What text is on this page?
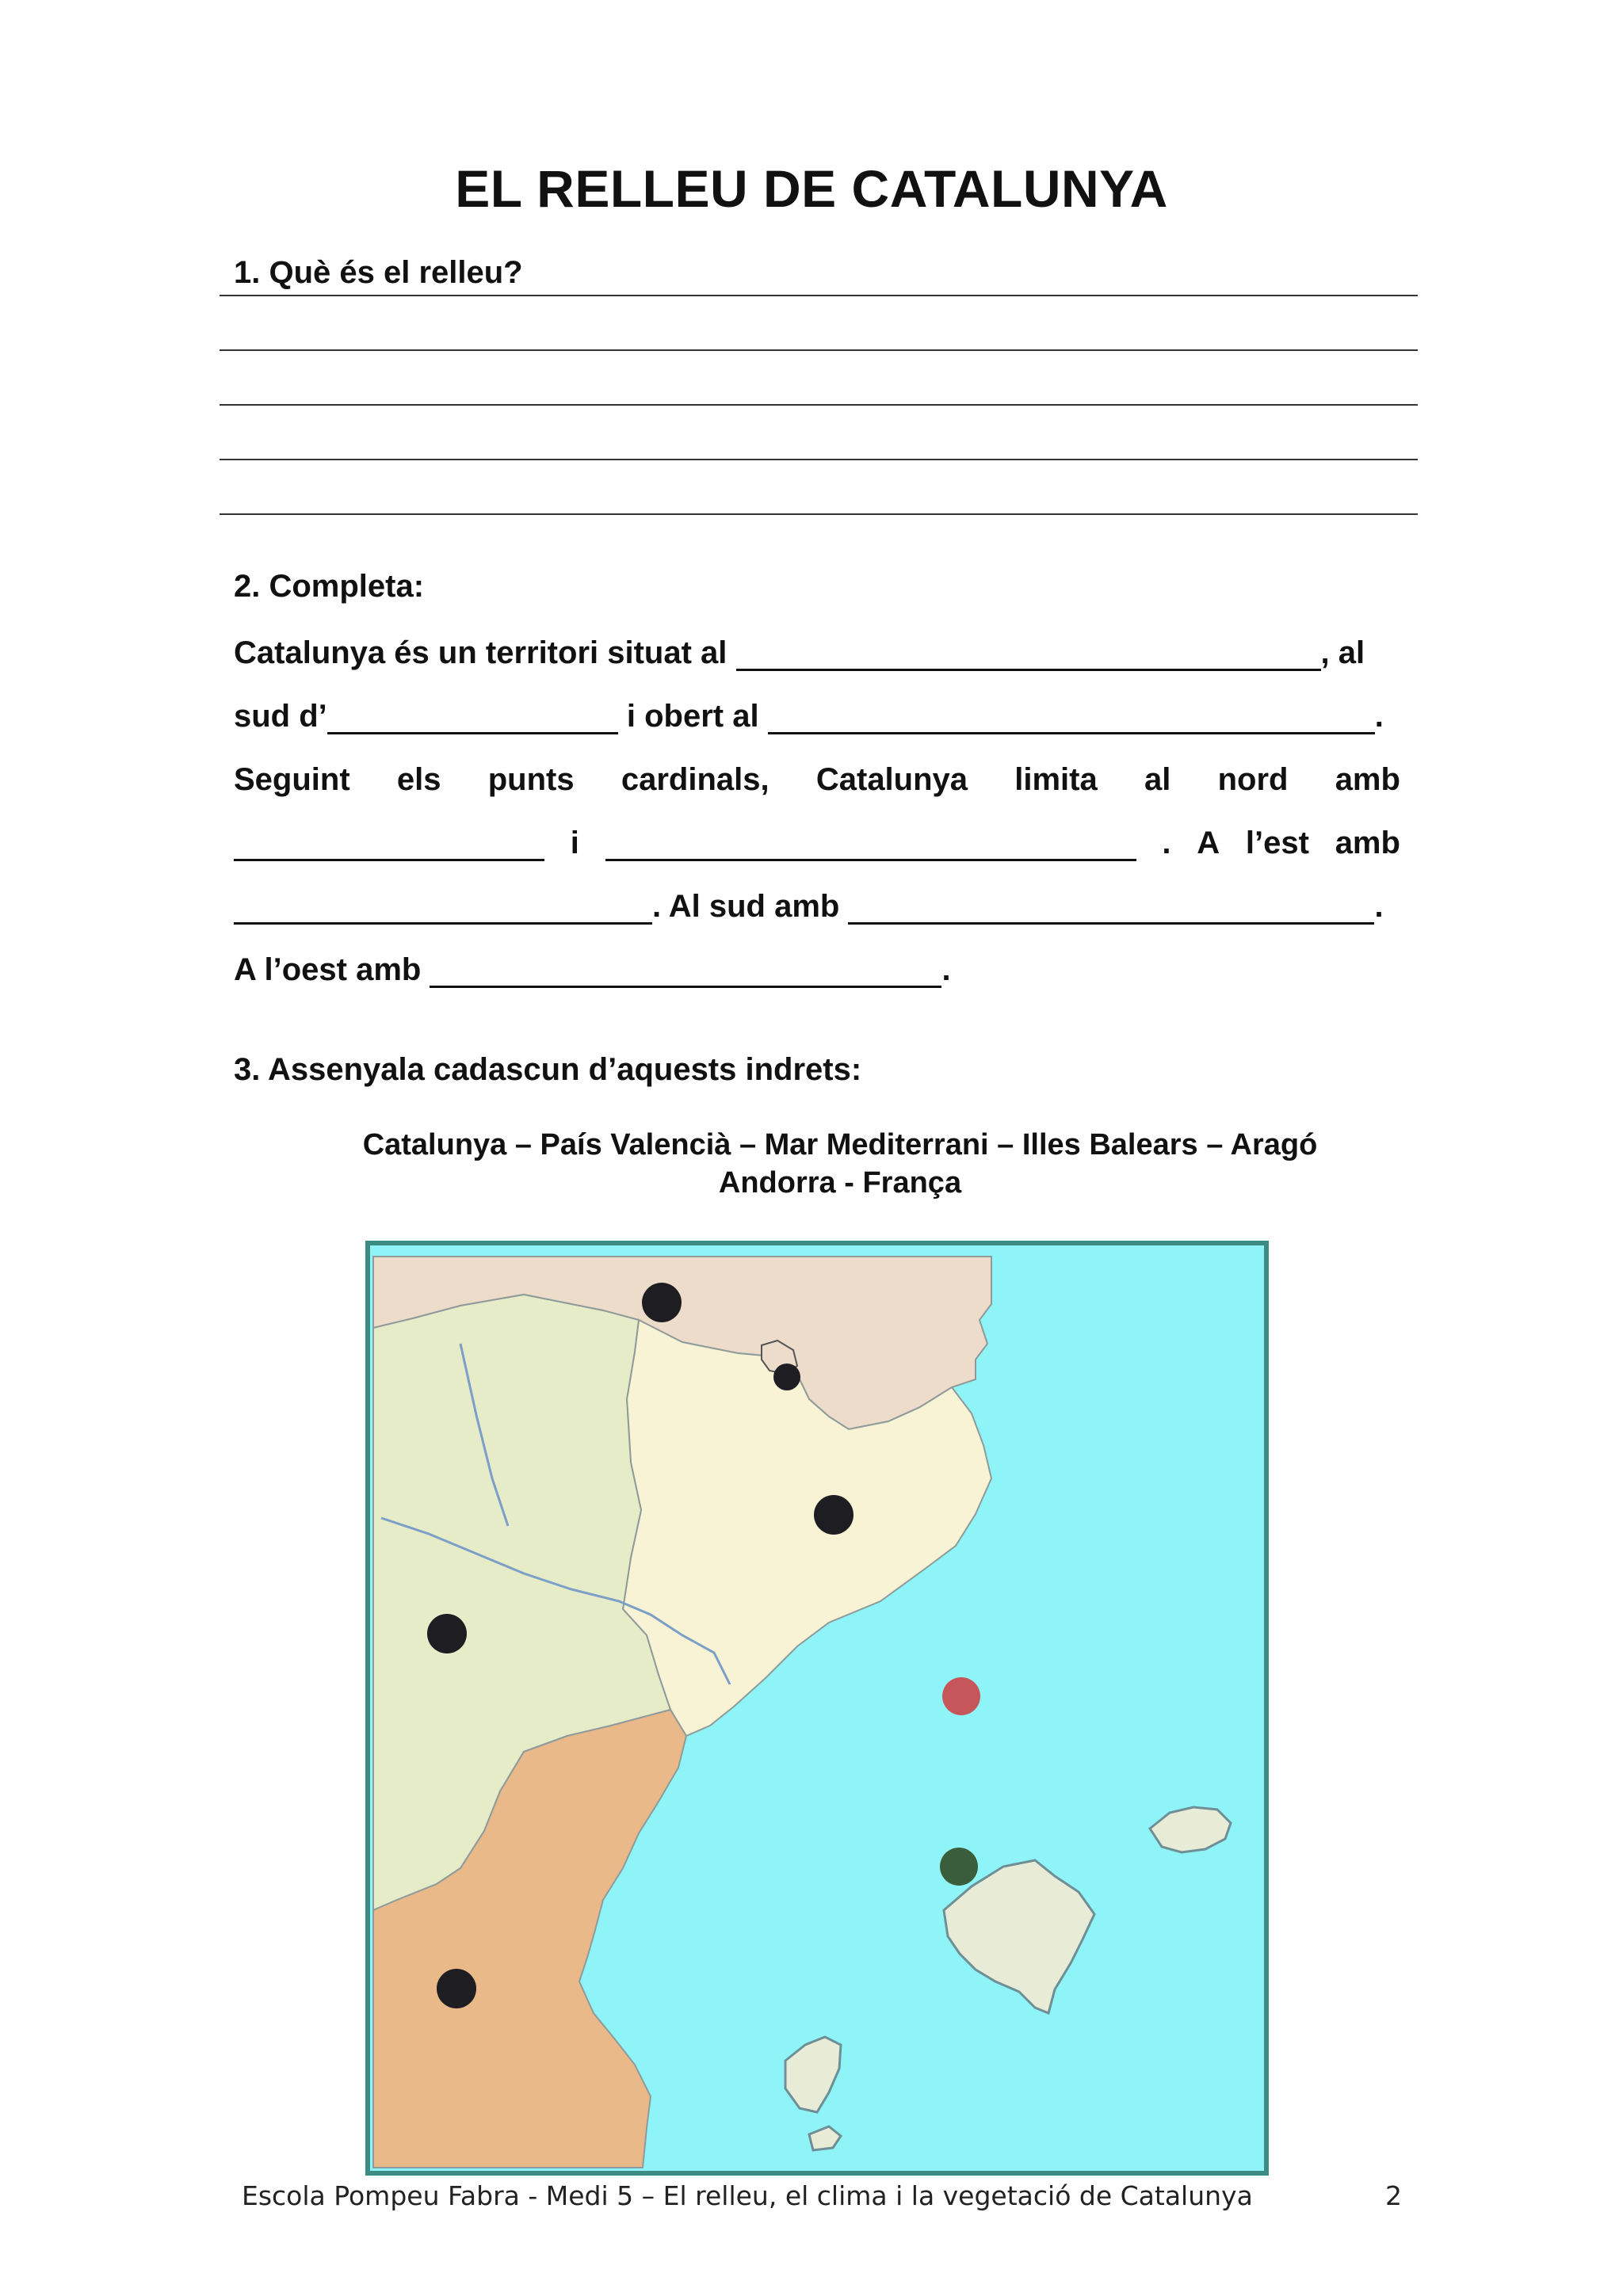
EL RELLEU DE CATALUNYA
1. Què és el relleu?
2. Completa:
Catalunya és un territori situat al	, al
sud d’	i obert al	.
Seguint els punts cardinals, Catalunya limita al nord amb
i	. A l’est amb
. Al sud amb	.
A l’oest amb	.
3. Assenyala cadascun d’aquests indrets:
Catalunya – País Valencià – Mar Mediterrani – Illes Balears – Aragó
Andorra - França
Escola Pompeu Fabra - Medi 5 – El relleu, el clima i la vegetació de Catalunya	2
